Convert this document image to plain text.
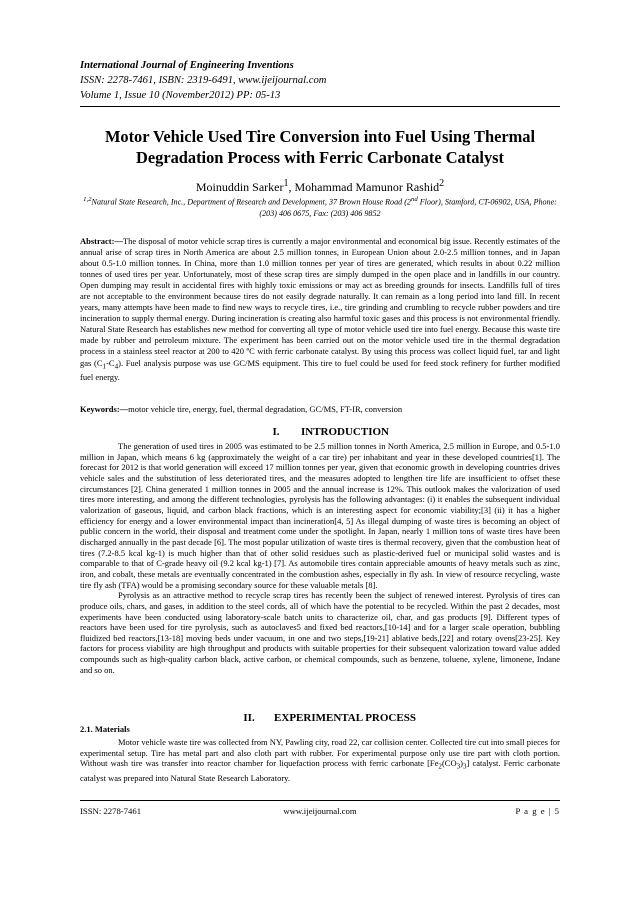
International Journal of Engineering Inventions
ISSN: 2278-7461, ISBN: 2319-6491, www.ijeijournal.com
Volume 1, Issue 10 (November2012) PP: 05-13
Motor Vehicle Used Tire Conversion into Fuel Using Thermal Degradation Process with Ferric Carbonate Catalyst
Moinuddin Sarker$^1$, Mohammad Mamunor Rashid$^2$
$^{1,2}$Natural State Research, Inc., Department of Research and Development, 37 Brown House Road (2nd Floor), Stamford, CT-06902, USA, Phone: (203) 406 0675, Fax: (203) 406 9852
Abstract:—The disposal of motor vehicle scrap tires is currently a major environmental and economical big issue. Recently estimates of the annual arise of scrap tires in North America are about 2.5 million tonnes, in European Union about 2.0-2.5 million tonnes, and in Japan about 0.5-1.0 million tonnes. In China, more than 1.0 million tonnes per year of tires are generated, which results in about 0.22 million tonnes of used tires per year. Unfortunately, most of these scrap tires are simply dumped in the open place and in landfills in our country. Open dumping may result in accidental fires with highly toxic emissions or may act as breeding grounds for insects. Landfills full of tires are not acceptable to the environment because tires do not easily degrade naturally. It can remain as a long period into land fill. In recent years, many attempts have been made to find new ways to recycle tires, i.e., tire grinding and crumbling to recycle rubber powders and tire incineration to supply thermal energy. During incineration is creating also harmful toxic gases and this process is not environmental friendly. Natural State Research has establishes new method for converting all type of motor vehicle used tire into fuel energy. Because this waste tire made by rubber and petroleum mixture. The experiment has been carried out on the motor vehicle used tire in the thermal degradation process in a stainless steel reactor at 200 to 420 ºC with ferric carbonate catalyst. By using this process was collect liquid fuel, tar and light gas $(C_1-C_4)$. Fuel analysis purpose was use GC/MS equipment. This tire to fuel could be used for feed stock refinery for further modified fuel energy.
Keywords:—motor vehicle tire, energy, fuel, thermal degradation, GC/MS, FT-IR, conversion
I. INTRODUCTION

The generation of used tires in 2005 was estimated to be 2.5 million tonnes in North America, 2.5 million in Europe, and 0.5-1.0 million in Japan, which means 6 kg (approximately the weight of a car tire) per inhabitant and year in these developed countries[1]. The forecast for 2012 is that world generation will exceed 17 million tonnes per year, given that economic growth in developing countries drives vehicle sales and the substitution of less deteriorated tires, and the measures adopted to lengthen tire life are insufficient to offset these circumstances [2]. China generated 1 million tonnes in 2005 and the annual increase is 12%. This outlook makes the valorization of used tires more interesting, and among the different technologies, pyrolysis has the following advantages: (i) it enables the subsequent individual valorization of gaseous, liquid, and carbon black fractions, which is an interesting aspect for economic viability;[3] (ii) it has a higher efficiency for energy and a lower environmental impact than incineration[4, 5] As illegal dumping of waste tires is becoming an object of public concern in the world, their disposal and treatment come under the spotlight. In Japan, nearly 1 million tons of waste tires have been discharged annually in the past decade [6]. The most popular utilization of waste tires is thermal recovery, given that the combustion heat of tires (7.2-8.5 kcal kg-1) is much higher than that of other solid residues such as plastic-derived fuel or municipal solid wastes and is comparable to that of C-grade heavy oil (9.2 kcal kg-1) [7]. As automobile tires contain appreciable amounts of heavy metals such as zinc, iron, and cobalt, these metals are eventually concentrated in the combustion ashes, especially in fly ash. In view of resource recycling, waste tire fly ash (TFA) would be a promising secondary source for these valuable metals [8].

Pyrolysis as an attractive method to recycle scrap tires has recently been the subject of renewed interest. Pyrolysis of tires can produce oils, chars, and gases, in addition to the steel cords, all of which have the potential to be recycled. Within the past 2 decades, most experiments have been conducted using laboratory-scale batch units to characterize oil, char, and gas products [9]. Different types of reactors have been used for tire pyrolysis, such as autoclaves5 and fixed bed reactors,[10-14] and for a larger scale operation, bubbling fluidized bed reactors,[13-18] moving beds under vacuum, in one and two steps,[19-21] ablative beds,[22] and rotary ovens[23-25]. Key factors for process viability are high throughput and products with suitable properties for their subsequent valorization toward value added compounds such as high-quality carbon black, active carbon, or chemical compounds, such as benzene, toluene, xylene, limonene, Indane and so on.

II. EXPERIMENTAL PROCESS
2.1. Materials

Motor vehicle waste tire was collected from NY, Pawling city, road 22, car collision center. Collected tire cut into small pieces for experimental setup. Tire has metal part and also cloth part with rubber. For experimental purpose only use tire part with cloth portion. Without wash tire was transfer into reactor chamber for liquefaction process with ferric carbonate $[Fe_2(CO_3)_3]$ catalyst. Ferric carbonate catalyst was prepared into Natural State Research Laboratory.

ISSN: 2278-7461	www.ijeijournal.com	P a g e | 5
